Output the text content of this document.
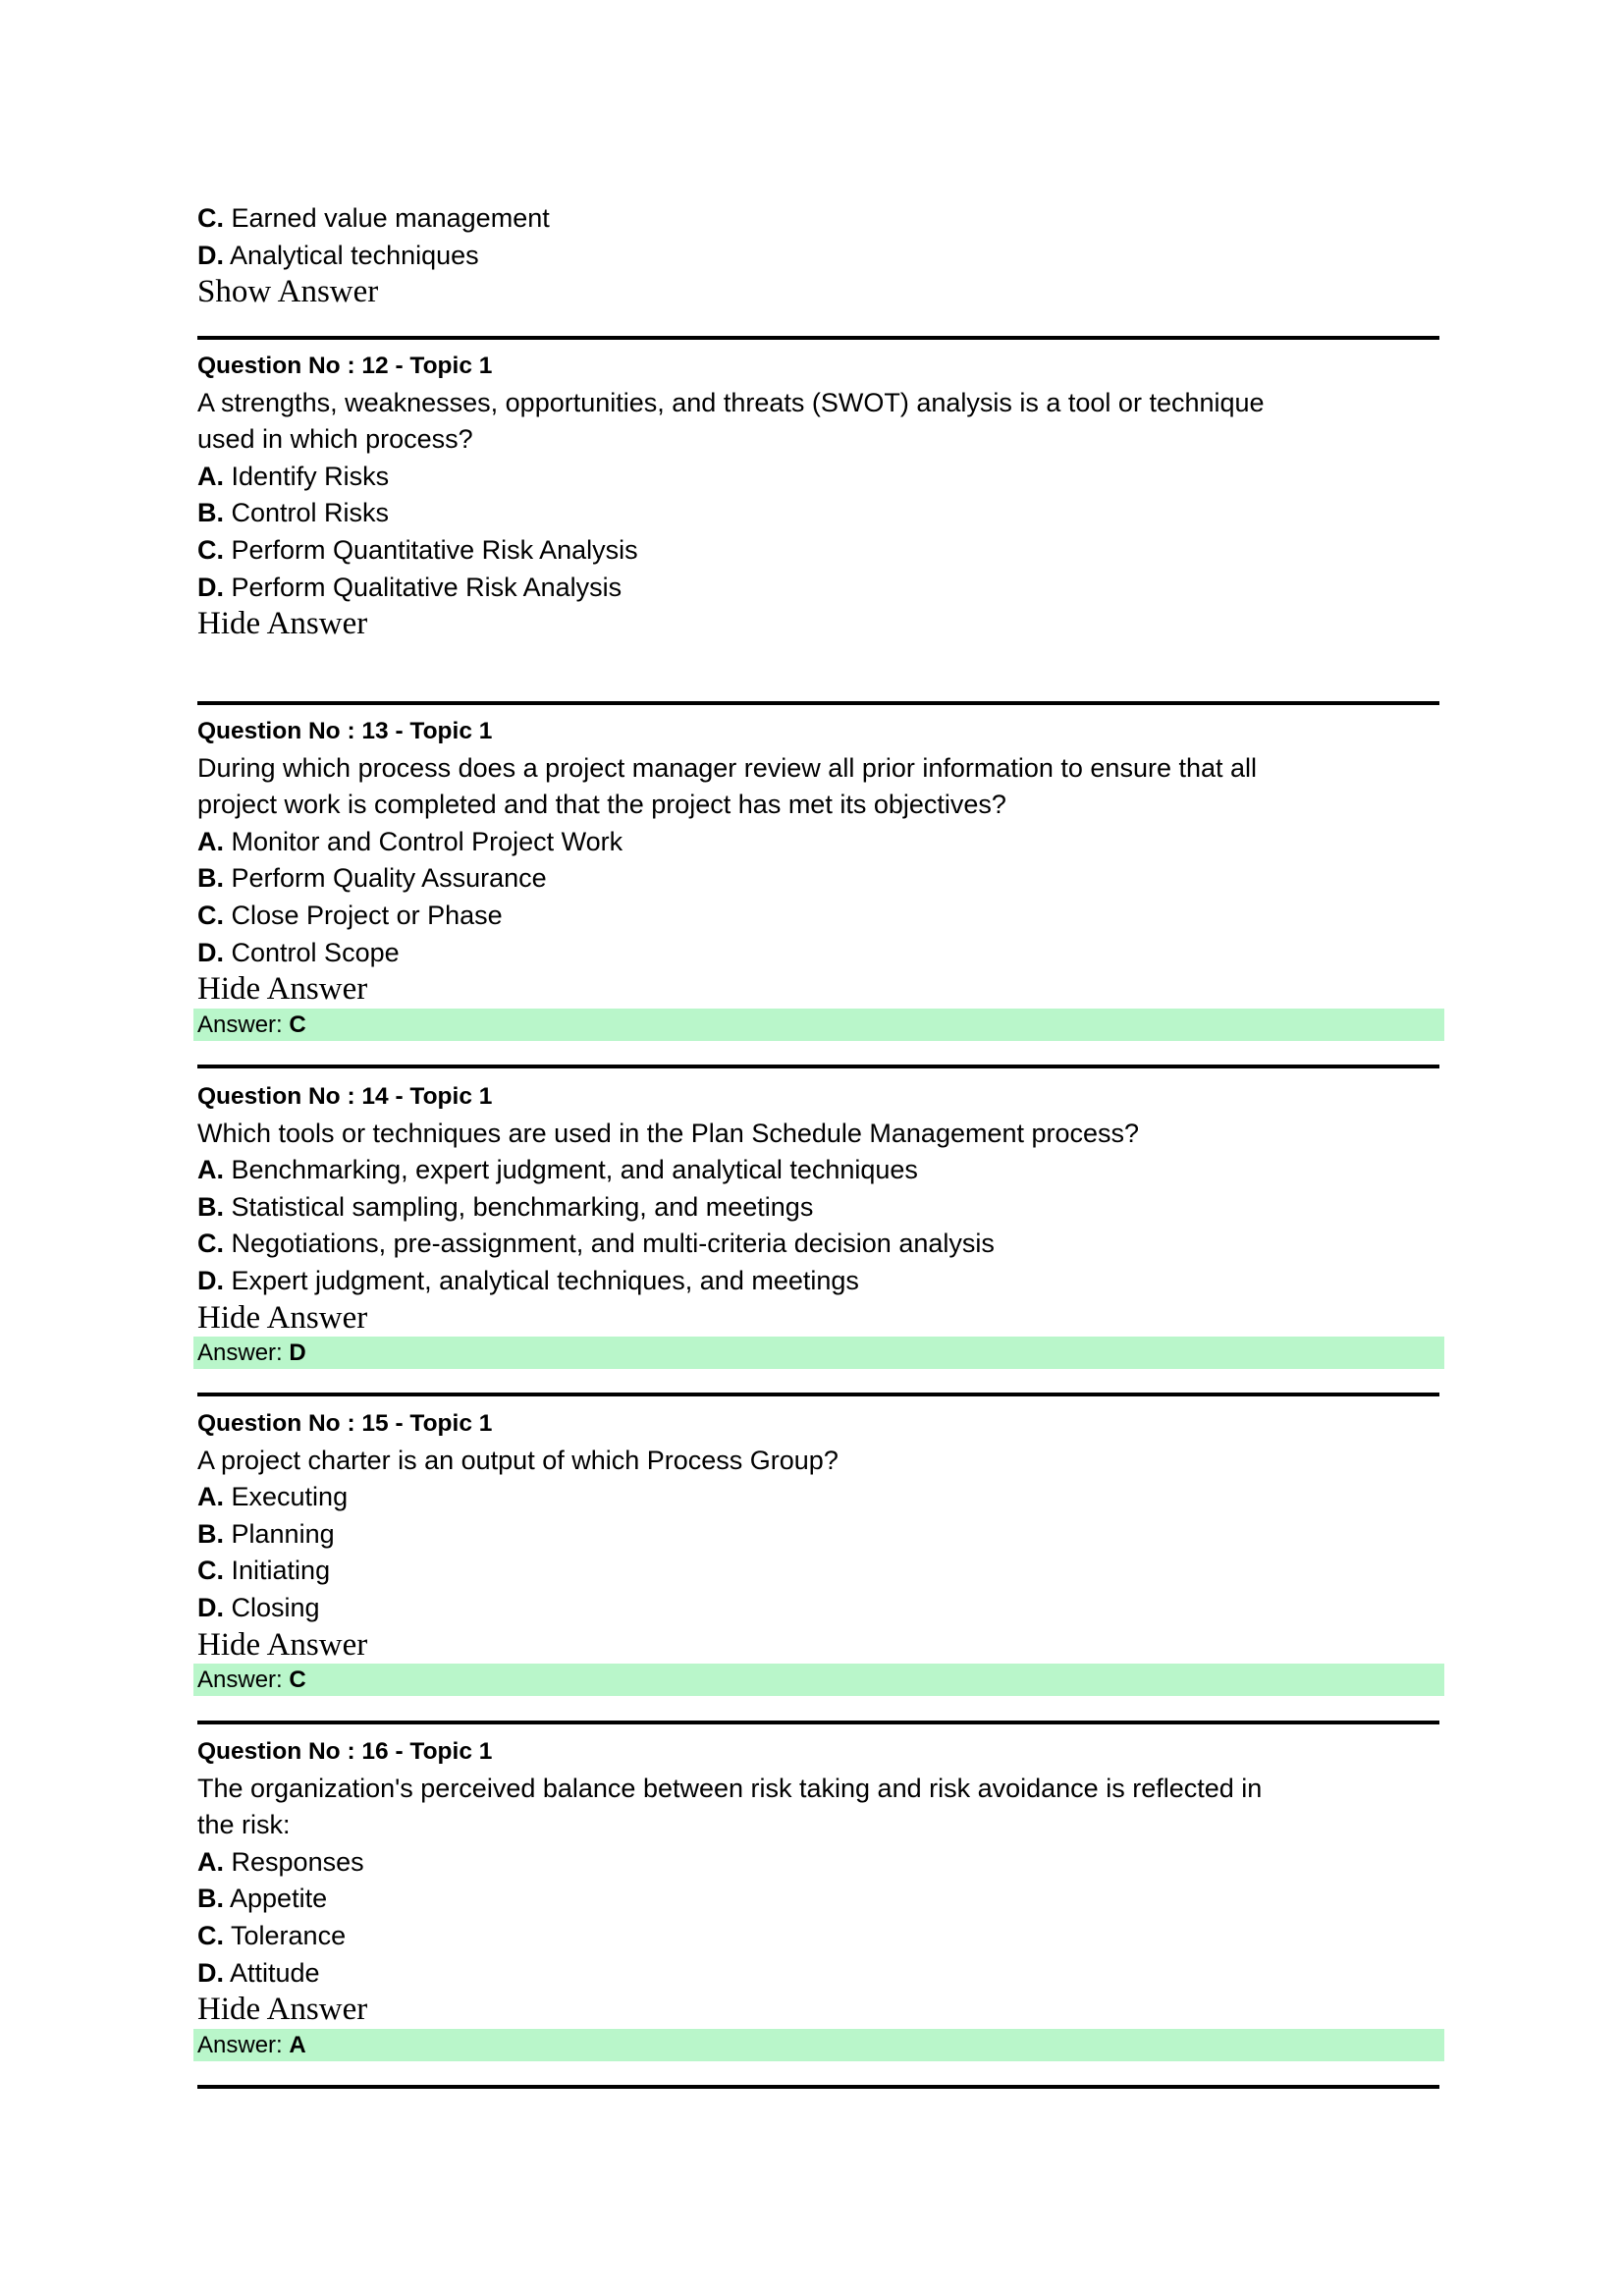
C. Earned value management
D. Analytical techniques
Show Answer
Question No : 12 - Topic 1
A strengths, weaknesses, opportunities, and threats (SWOT) analysis is a tool or technique
used in which process?
A. Identify Risks
B. Control Risks
C. Perform Quantitative Risk Analysis
D. Perform Qualitative Risk Analysis
Hide Answer
Question No : 13 - Topic 1
During which process does a project manager review all prior information to ensure that all
project work is completed and that the project has met its objectives?
A. Monitor and Control Project Work
B. Perform Quality Assurance
C. Close Project or Phase
D. Control Scope
Hide Answer
Answer: C
Question No : 14 - Topic 1
Which tools or techniques are used in the Plan Schedule Management process?
A. Benchmarking, expert judgment, and analytical techniques
B. Statistical sampling, benchmarking, and meetings
C. Negotiations, pre-assignment, and multi-criteria decision analysis
D. Expert judgment, analytical techniques, and meetings
Hide Answer
Answer: D
Question No : 15 - Topic 1
A project charter is an output of which Process Group?
A. Executing
B. Planning
C. Initiating
D. Closing
Hide Answer
Answer: C
Question No : 16 - Topic 1
The organization's perceived balance between risk taking and risk avoidance is reflected in
the risk:
A. Responses
B. Appetite
C. Tolerance
D. Attitude
Hide Answer
Answer: A
